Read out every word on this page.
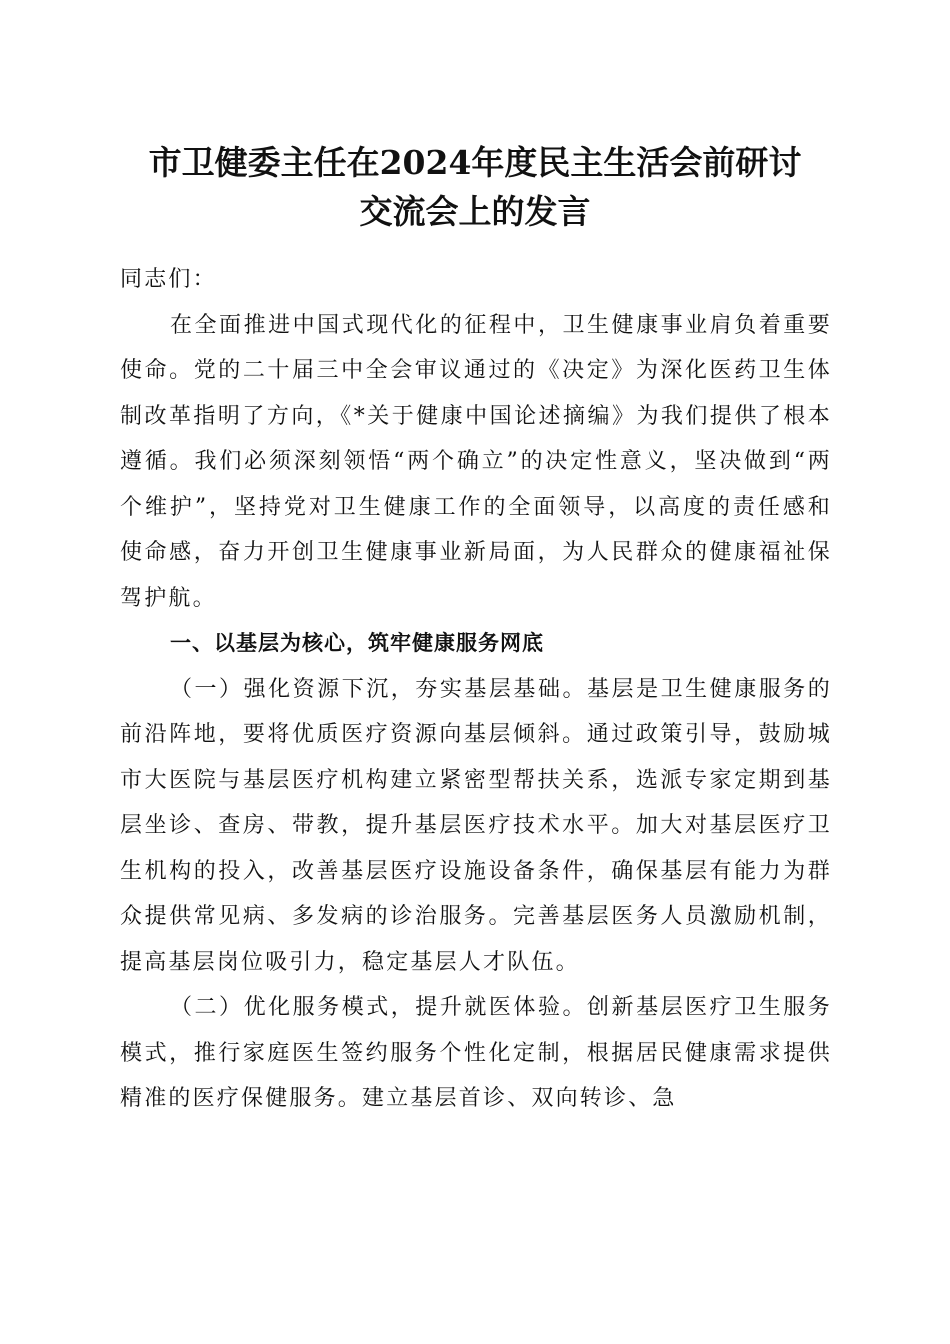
市卫健委主任在2024年度民主生活会前研讨
交流会上的发言

同志们：

在全面推进中国式现代化的征程中，卫生健康事业肩负着重要使命。党的二十届三中全会审议通过的《决定》为深化医药卫生体制改革指明了方向，《*关于健康中国论述摘编》为我们提供了根本遵循。我们必须深刻领悟“两个确立”的决定性意义，坚决做到“两个维护”，坚持党对卫生健康工作的全面领导，以高度的责任感和使命感，奋力开创卫生健康事业新局面，为人民群众的健康福祉保驾护航。

一、以基层为核心，筑牢健康服务网底

（一）强化资源下沉，夯实基层基础。基层是卫生健康服务的前沿阵地，要将优质医疗资源向基层倾斜。通过政策引导，鼓励城市大医院与基层医疗机构建立紧密型帮扶关系，选派专家定期到基层坐诊、查房、带教，提升基层医疗技术水平。加大对基层医疗卫生机构的投入，改善基层医疗设施设备条件，确保基层有能力为群众提供常见病、多发病的诊治服务。完善基层医务人员激励机制，提高基层岗位吸引力，稳定基层人才队伍。

（二）优化服务模式，提升就医体验。创新基层医疗卫生服务模式，推行家庭医生签约服务个性化定制，根据居民健康需求提供精准的医疗保健服务。建立基层首诊、双向转诊、急
